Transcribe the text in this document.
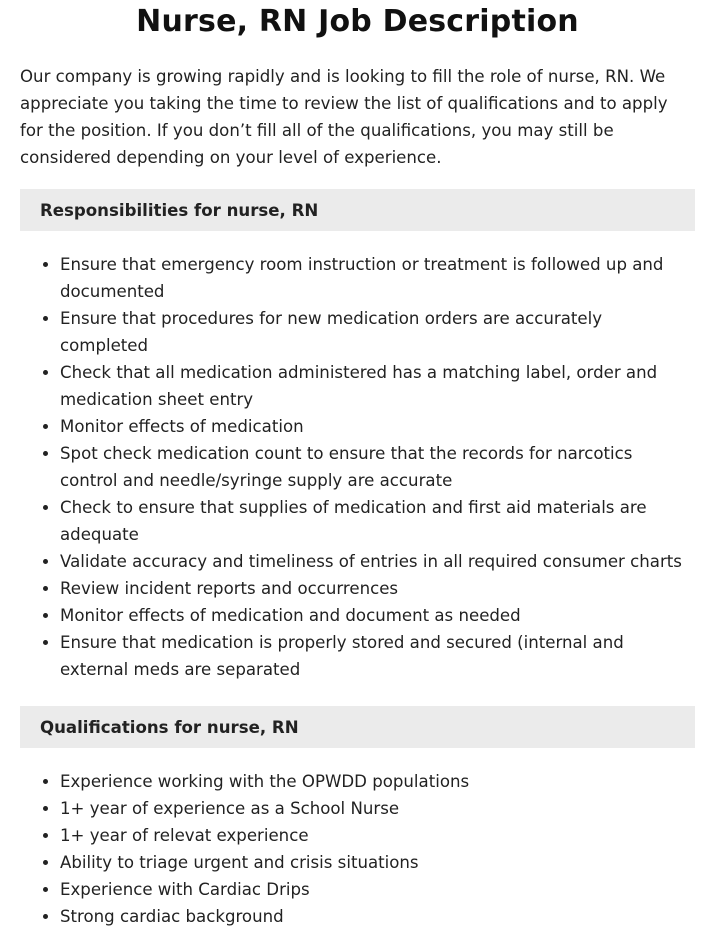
Nurse, RN Job Description

Our company is growing rapidly and is looking to fill the role of nurse, RN. We appreciate you taking the time to review the list of qualifications and to apply for the position. If you don’t fill all of the qualifications, you may still be considered depending on your level of experience.

Responsibilities for nurse, RN
• Ensure that emergency room instruction or treatment is followed up and documented
• Ensure that procedures for new medication orders are accurately completed
• Check that all medication administered has a matching label, order and medication sheet entry
• Monitor effects of medication
• Spot check medication count to ensure that the records for narcotics control and needle/syringe supply are accurate
• Check to ensure that supplies of medication and first aid materials are adequate
• Validate accuracy and timeliness of entries in all required consumer charts
• Review incident reports and occurrences
• Monitor effects of medication and document as needed
• Ensure that medication is properly stored and secured (internal and external meds are separated
Qualifications for nurse, RN
• Experience working with the OPWDD populations
• 1+ year of experience as a School Nurse
• 1+ year of relevat experience
• Ability to triage urgent and crisis situations
• Experience with Cardiac Drips
• Strong cardiac background
